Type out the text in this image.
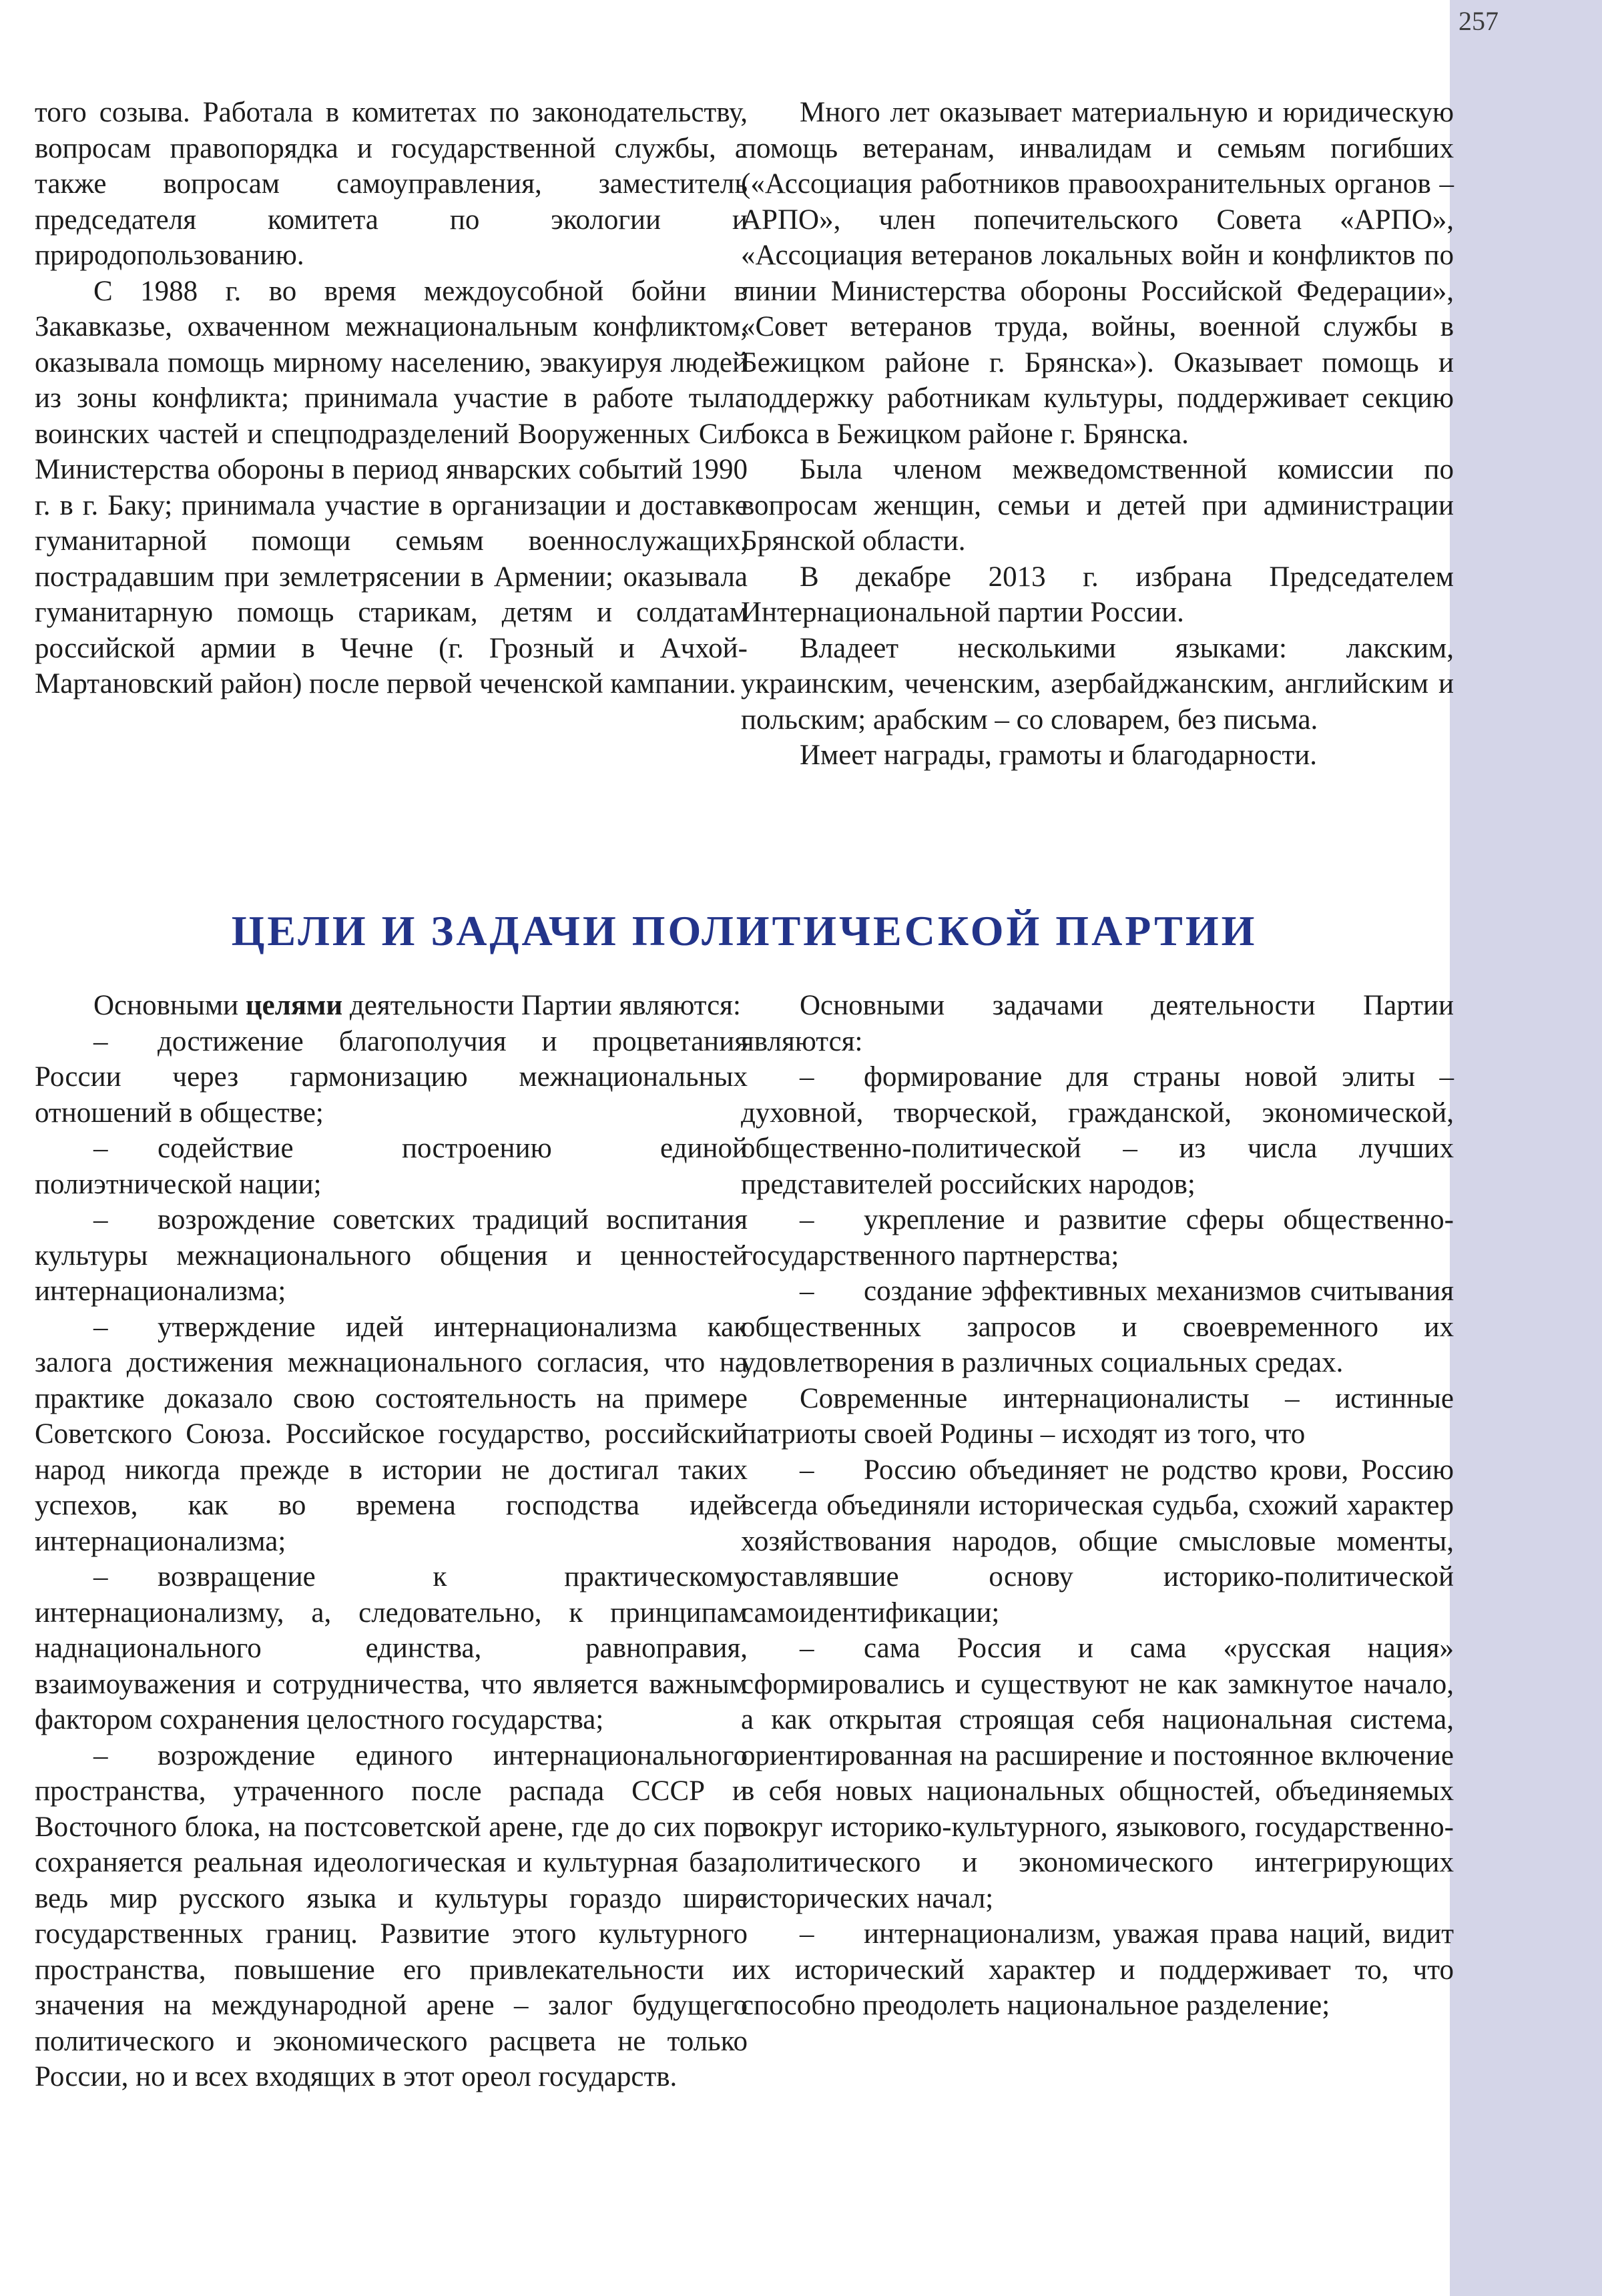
257

того созыва. Работала в комитетах по законодательству, вопросам правопорядка и государственной службы, а также вопросам самоуправления, заместитель председателя комитета по экологии и природопользованию.

С 1988 г. во время междоусобной бойни в Закавказье, охваченном межнациональным конфликтом, оказывала помощь мирному населению, эвакуируя людей из зоны конфликта; принимала участие в работе тыла воинских частей и спецподразделений Вооруженных Сил Министерства обороны в период январских событий 1990 г. в г. Баку; принимала участие в организации и доставке гуманитарной помощи семьям военнослужащих, пострадавшим при землетрясении в Армении; оказывала гуманитарную помощь старикам, детям и солдатам российской армии в Чечне (г. Грозный и Ачхой-Мартановский район) после первой чеченской кампании.

Много лет оказывает материальную и юридическую помощь ветеранам, инвалидам и семьям погибших («Ассоциация работников правоохранительных органов – АРПО», член попечительского Совета «АРПО», «Ассоциация ветеранов локальных войн и конфликтов по линии Министерства обороны Российской Федерации», «Совет ветеранов труда, войны, военной службы в Бежицком районе г. Брянска»). Оказывает помощь и поддержку работникам культуры, поддерживает секцию бокса в Бежицком районе г. Брянска.

Была членом межведомственной комиссии по вопросам женщин, семьи и детей при администрации Брянской области.

В декабре 2013 г. избрана Председателем Интернациональной партии России.

Владеет несколькими языками: лакским, украинским, чеченским, азербайджанским, английским и польским; арабским – со словарем, без письма.

Имеет награды, грамоты и благодарности.

ЦЕЛИ И ЗАДАЧИ ПОЛИТИЧЕСКОЙ ПАРТИИ

Основными целями деятельности Партии являются:

– достижение благополучия и процветания России через гармонизацию межнациональных отношений в обществе;

– содействие построению единой полиэтнической нации;

– возрождение советских традиций воспитания культуры межнационального общения и ценностей интернационализма;

– утверждение идей интернационализма как залога достижения межнационального согласия, что на практике доказало свою состоятельность на примере Советского Союза. Российское государство, российский народ никогда прежде в истории не достигал таких успехов, как во времена господства идей интернационализма;

– возвращение к практическому интернационализму, а, следовательно, к принципам наднационального единства, равноправия, взаимоуважения и сотрудничества, что является важным фактором сохранения целостного государства;

– возрождение единого интернационального пространства, утраченного после распада СССР и Восточного блока, на постсоветской арене, где до сих пор сохраняется реальная идеологическая и культурная база, ведь мир русского языка и культуры гораздо шире государственных границ. Развитие этого культурного пространства, повышение его привлекательности и значения на международной арене – залог будущего политического и экономического расцвета не только России, но и всех входящих в этот ореол государств.

Основными задачами деятельности Партии являются:

– формирование для страны новой элиты – духовной, творческой, гражданской, экономической, общественно-политической – из числа лучших представителей российских народов;

– укрепление и развитие сферы общественно-государственного партнерства;

– создание эффективных механизмов считывания общественных запросов и своевременного их удовлетворения в различных социальных средах.

Современные интернационалисты – истинные патриоты своей Родины – исходят из того, что

– Россию объединяет не родство крови, Россию всегда объединяли историческая судьба, схожий характер хозяйствования народов, общие смысловые моменты, оставлявшие основу историко-политической самоидентификации;

– сама Россия и сама «русская нация» сформировались и существуют не как замкнутое начало, а как открытая строящая себя национальная система, ориентированная на расширение и постоянное включение в себя новых национальных общностей, объединяемых вокруг историко-культурного, языкового, государственно-политического и экономического интегрирующих исторических начал;

– интернационализм, уважая права наций, видит их исторический характер и поддерживает то, что способно преодолеть национальное разделение;
